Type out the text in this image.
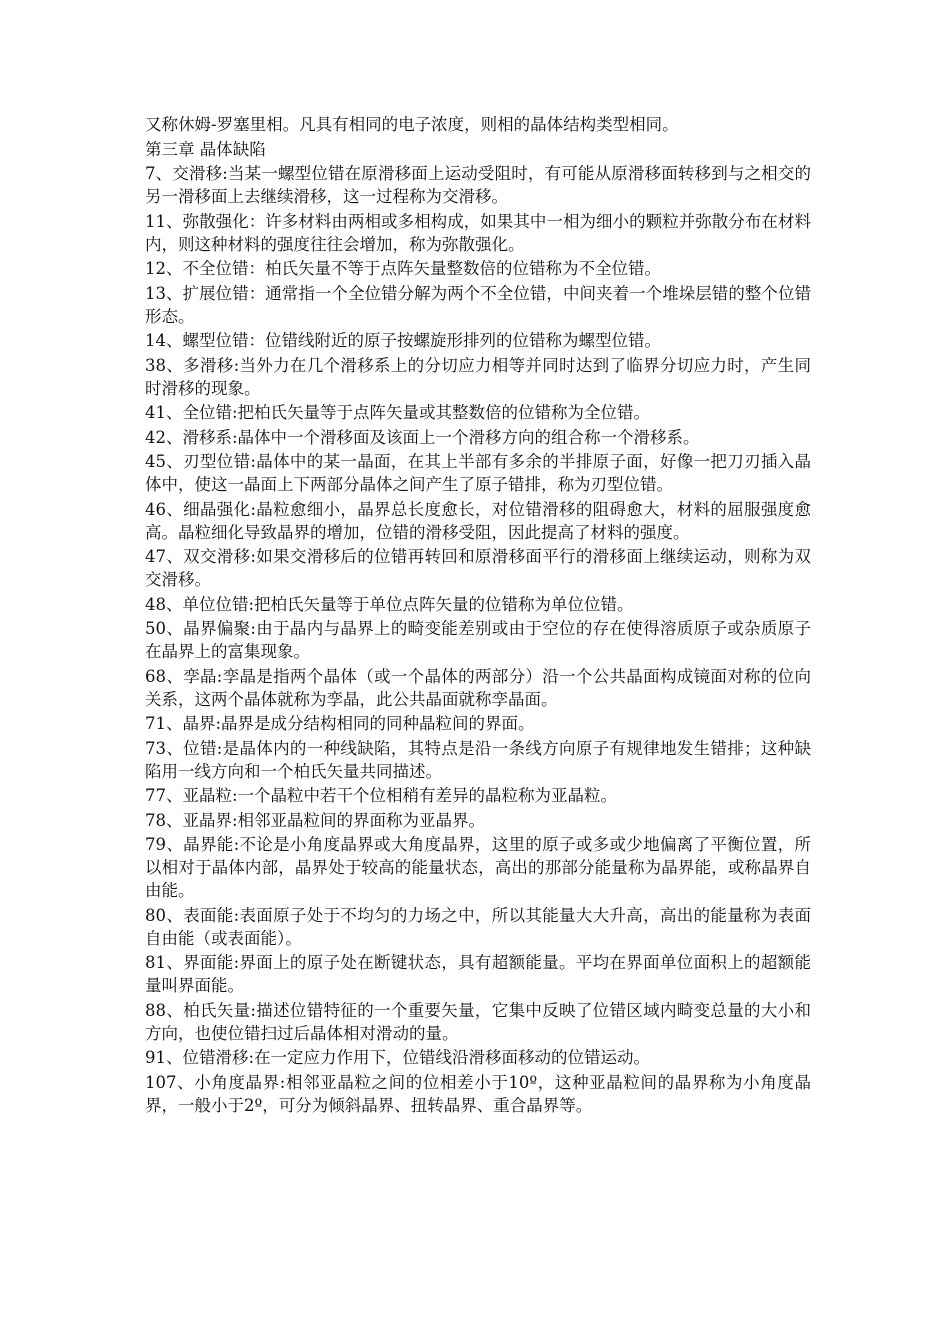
又称休姆-罗塞里相。凡具有相同的电子浓度，则相的晶体结构类型相同。

第三章 晶体缺陷

7、交滑移:当某一螺型位错在原滑移面上运动受阻时，有可能从原滑移面转移到与之相交的另一滑移面上去继续滑移，这一过程称为交滑移。

11、弥散强化：许多材料由两相或多相构成，如果其中一相为细小的颗粒并弥散分布在材料内，则这种材料的强度往往会增加，称为弥散强化。

12、不全位错：柏氏矢量不等于点阵矢量整数倍的位错称为不全位错。

13、扩展位错：通常指一个全位错分解为两个不全位错，中间夹着一个堆垛层错的整个位错形态。

14、螺型位错：位错线附近的原子按螺旋形排列的位错称为螺型位错。

38、多滑移:当外力在几个滑移系上的分切应力相等并同时达到了临界分切应力时，产生同时滑移的现象。

41、全位错:把柏氏矢量等于点阵矢量或其整数倍的位错称为全位错。

42、滑移系:晶体中一个滑移面及该面上一个滑移方向的组合称一个滑移系。

45、刃型位错:晶体中的某一晶面，在其上半部有多余的半排原子面，好像一把刀刃插入晶体中，使这一晶面上下两部分晶体之间产生了原子错排，称为刃型位错。

46、细晶强化:晶粒愈细小，晶界总长度愈长，对位错滑移的阻碍愈大，材料的屈服强度愈高。晶粒细化导致晶界的增加，位错的滑移受阻，因此提高了材料的强度。

47、双交滑移:如果交滑移后的位错再转回和原滑移面平行的滑移面上继续运动，则称为双交滑移。

48、单位位错:把柏氏矢量等于单位点阵矢量的位错称为单位位错。

50、晶界偏聚:由于晶内与晶界上的畸变能差别或由于空位的存在使得溶质原子或杂质原子在晶界上的富集现象。

68、孪晶:孪晶是指两个晶体（或一个晶体的两部分）沿一个公共晶面构成镜面对称的位向关系，这两个晶体就称为孪晶，此公共晶面就称孪晶面。

71、晶界:晶界是成分结构相同的同种晶粒间的界面。

73、位错:是晶体内的一种线缺陷，其特点是沿一条线方向原子有规律地发生错排；这种缺陷用一线方向和一个柏氏矢量共同描述。

77、亚晶粒:一个晶粒中若干个位相稍有差异的晶粒称为亚晶粒。

78、亚晶界:相邻亚晶粒间的界面称为亚晶界。

79、晶界能:不论是小角度晶界或大角度晶界，这里的原子或多或少地偏离了平衡位置，所以相对于晶体内部，晶界处于较高的能量状态，高出的那部分能量称为晶界能，或称晶界自由能。

80、表面能:表面原子处于不均匀的力场之中，所以其能量大大升高，高出的能量称为表面自由能（或表面能）。

81、界面能:界面上的原子处在断键状态，具有超额能量。平均在界面单位面积上的超额能量叫界面能。

88、柏氏矢量:描述位错特征的一个重要矢量，它集中反映了位错区域内畸变总量的大小和方向，也使位错扫过后晶体相对滑动的量。

91、位错滑移:在一定应力作用下，位错线沿滑移面移动的位错运动。

107、小角度晶界:相邻亚晶粒之间的位相差小于10º，这种亚晶粒间的晶界称为小角度晶界，一般小于2º，可分为倾斜晶界、扭转晶界、重合晶界等。
